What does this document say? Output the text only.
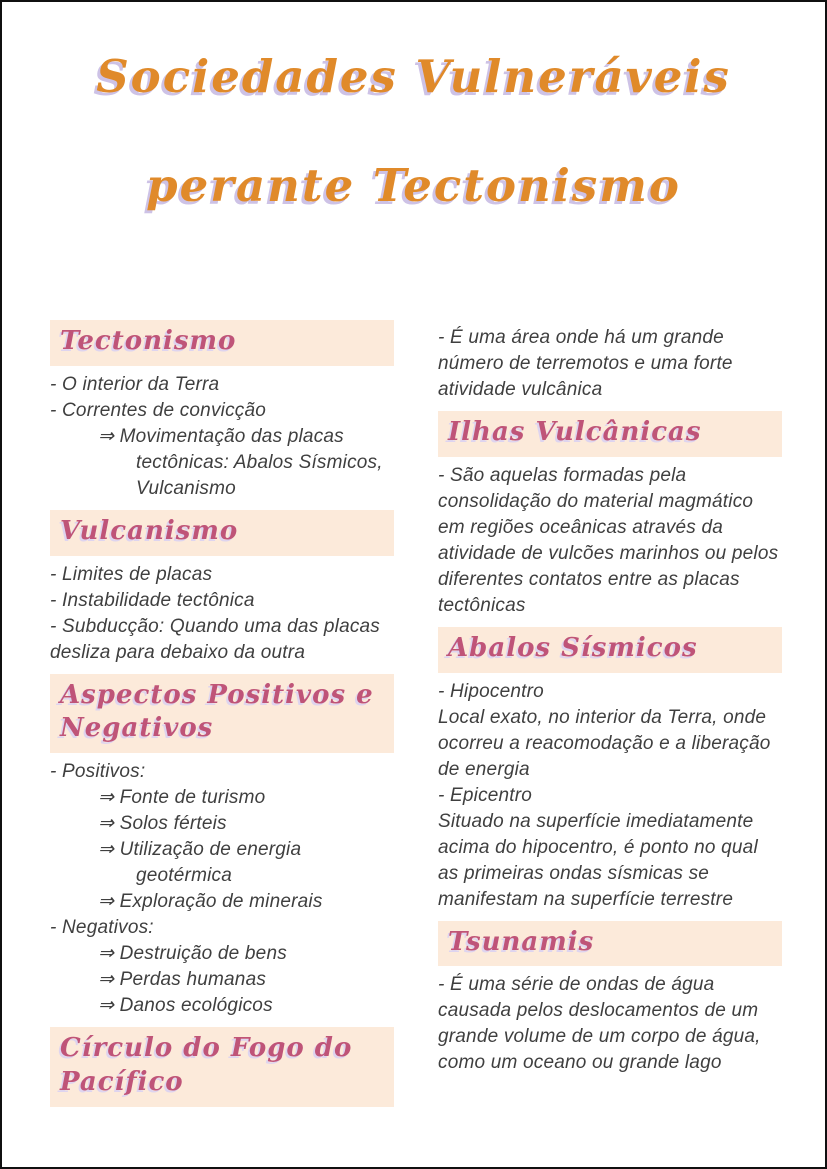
Sociedades Vulneráveis
perante Tectonismo
Tectonismo

- O interior da Terra

- Correntes de convicção

⇒ Movimentação das placas tectônicas: Abalos Sísmicos, Vulcanismo

Vulcanismo

- Limites de placas

- Instabilidade tectônica

- Subducção: Quando uma das placas desliza para debaixo da outra

Aspectos Positivos e Negativos

- Positivos:

⇒ Fonte de turismo

⇒ Solos férteis

⇒ Utilização de energia geotérmica

⇒ Exploração de minerais

- Negativos:

⇒ Destruição de bens

⇒ Perdas humanas

⇒ Danos ecológicos

Círculo do Fogo do Pacífico

- É uma área onde há um grande número de terremotos e uma forte atividade vulcânica

Ilhas Vulcânicas

- São aquelas formadas pela consolidação do material magmático em regiões oceânicas através da atividade de vulcões marinhos ou pelos diferentes contatos entre as placas tectônicas

Abalos Sísmicos

- Hipocentro

Local exato, no interior da Terra, onde ocorreu a reacomodação e a liberação de energia

- Epicentro

Situado na superfície imediatamente acima do hipocentro, é ponto no qual as primeiras ondas sísmicas se manifestam na superfície terrestre

Tsunamis

- É uma série de ondas de água causada pelos deslocamentos de um grande volume de um corpo de água, como um oceano ou grande lago
